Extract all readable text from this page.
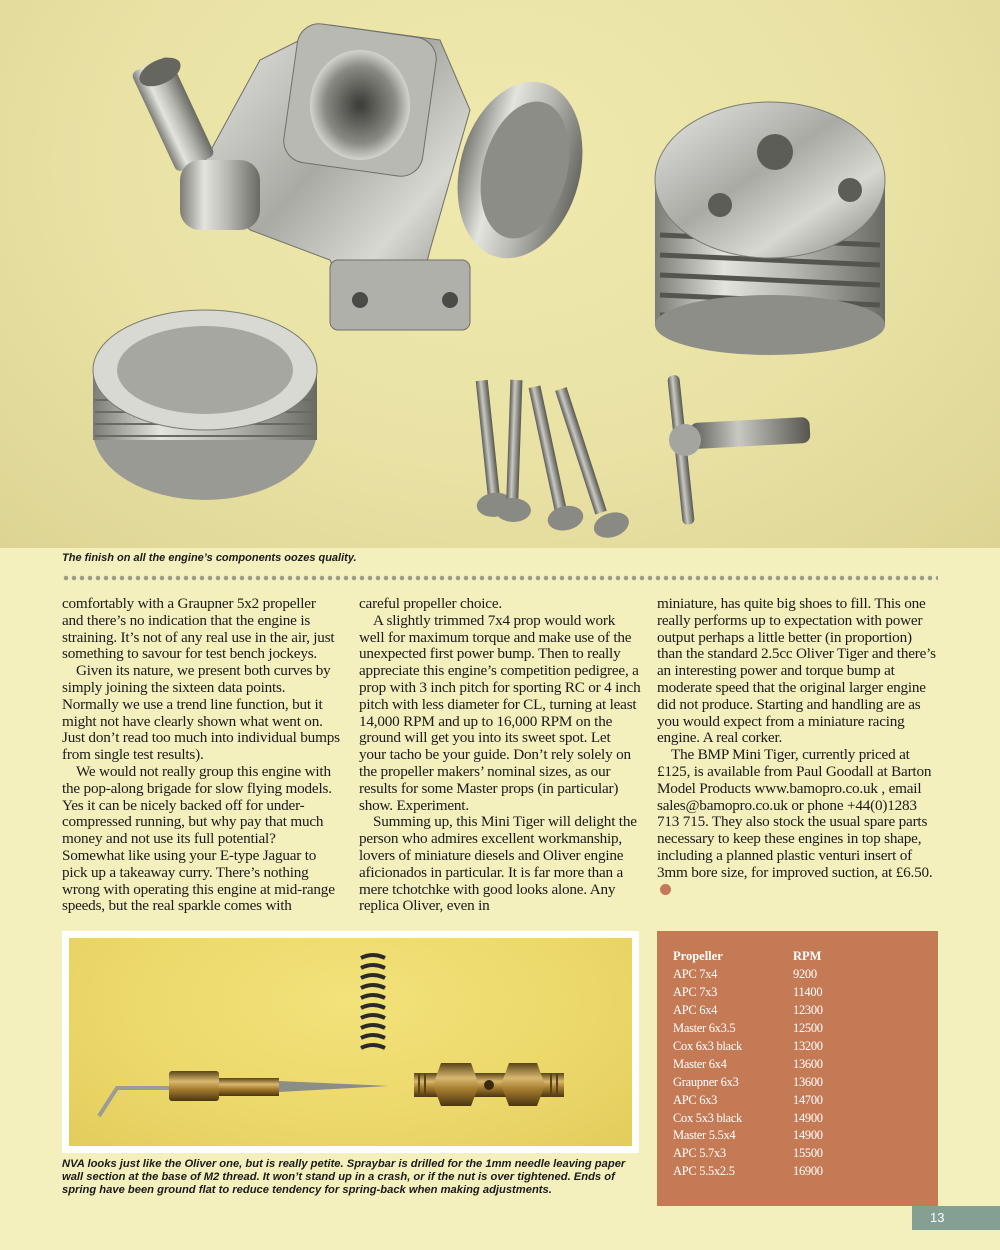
The finish on all the engine’s components oozes quality.

comfortably with a Graupner 5x2 propeller and there’s no indication that the engine is straining. It’s not of any real use in the air, just something to savour for test bench jockeys.

Given its nature, we present both curves by simply joining the sixteen data points. Normally we use a trend line function, but it might not have clearly shown what went on. Just don’t read too much into individual bumps from single test results).

We would not really group this engine with the pop-along brigade for slow flying models. Yes it can be nicely backed off for under-compressed running, but why pay that much money and not use its full potential? Somewhat like using your E-type Jaguar to pick up a takeaway curry. There’s nothing wrong with operating this engine at mid-range speeds, but the real sparkle comes with

careful propeller choice.

A slightly trimmed 7x4 prop would work well for maximum torque and make use of the unexpected first power bump. Then to really appreciate this engine’s competition pedigree, a prop with 3 inch pitch for sporting RC or 4 inch pitch with less diameter for CL, turning at least 14,000 RPM and up to 16,000 RPM on the ground will get you into its sweet spot. Let your tacho be your guide. Don’t rely solely on the propeller makers’ nominal sizes, as our results for some Master props (in particular) show. Experiment.

Summing up, this Mini Tiger will delight the person who admires excellent workmanship, lovers of miniature diesels and Oliver engine aficionados in particular. It is far more than a mere tchotchke with good looks alone. Any replica Oliver, even in

miniature, has quite big shoes to fill. This one really performs up to expectation with power output perhaps a little better (in proportion) than the standard 2.5cc Oliver Tiger and there’s an interesting power and torque bump at moderate speed that the original larger engine did not produce. Starting and handling are as you would expect from a miniature racing engine. A real corker.

The BMP Mini Tiger, currently priced at £125, is available from Paul Goodall at Barton Model Products www.bamopro.co.uk , email sales@bamopro.co.uk or phone +44(0)1283 713 715. They also stock the usual spare parts necessary to keep these engines in top shape, including a planned plastic venturi insert of 3mm bore size, for improved suction, at £6.50.

NVA looks just like the Oliver one, but is really petite. Spraybar is drilled for the 1mm needle leaving paper wall section at the base of M2 thread. It won’t stand up in a crash, or if the nut is over tightened. Ends of spring have been ground flat to reduce tendency for spring-back when making adjustments.
Propeller	RPM
APC 7x4	9200
APC 7x3	11400
APC 6x4	12300
Master 6x3.5	12500
Cox 6x3 black	13200
Master 6x4	13600
Graupner 6x3	13600
APC 6x3	14700
Cox 5x3 black	14900
Master 5.5x4	14900
APC 5.7x3	15500
APC 5.5x2.5	16900
13
